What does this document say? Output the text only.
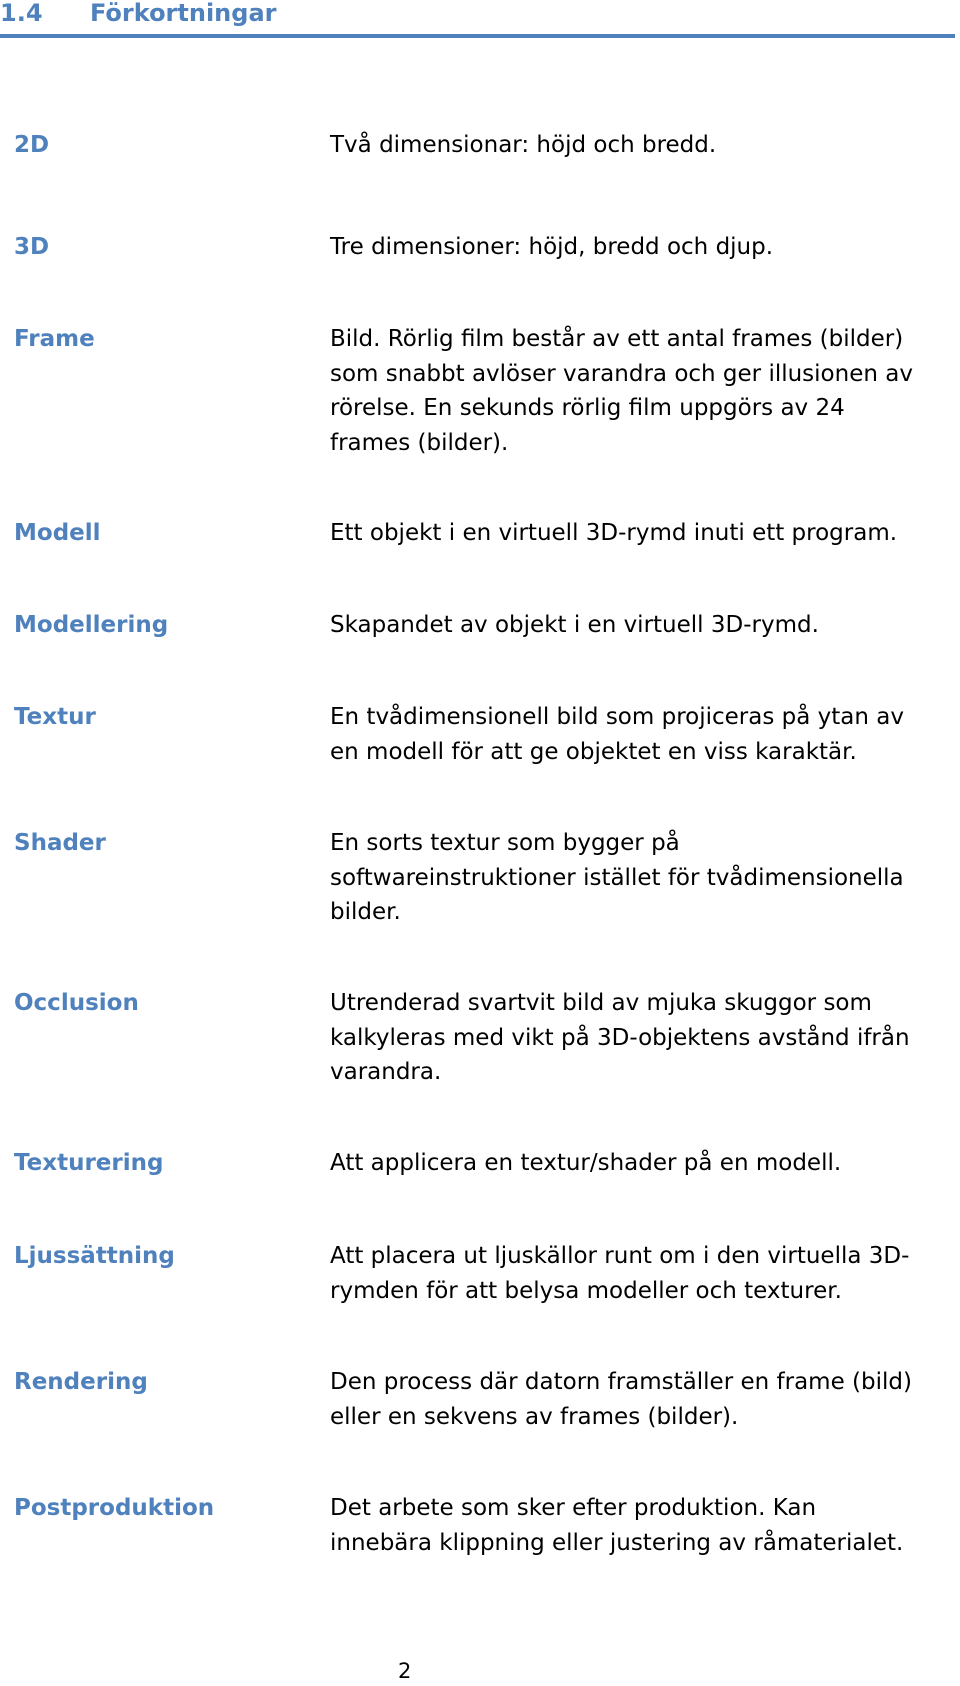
1.4 Förkortningar
2D	Två dimensionar: höjd och bredd.
3D	Tre dimensioner: höjd, bredd och djup.
Frame	Bild. Rörlig film består av ett antal frames (bilder)
som snabbt avlöser varandra och ger illusionen av
rörelse. En sekunds rörlig film uppgörs av 24
frames (bilder).
Modell	Ett objekt i en virtuell 3D-rymd inuti ett program.
Modellering	Skapandet av objekt i en virtuell 3D-rymd.
Textur	En tvådimensionell bild som projiceras på ytan av
en modell för att ge objektet en viss karaktär.
Shader	En sorts textur som bygger på
softwareinstruktioner istället för tvådimensionella
bilder.
Occlusion	Utrenderad svartvit bild av mjuka skuggor som
kalkyleras med vikt på 3D-objektens avstånd ifrån
varandra.
Texturering	Att applicera en textur/shader på en modell.
Ljussättning	Att placera ut ljuskällor runt om i den virtuella 3D-
rymden för att belysa modeller och texturer.
Rendering	Den process där datorn framställer en frame (bild)
eller en sekvens av frames (bilder).
Postproduktion	Det arbete som sker efter produktion. Kan
innebära klippning eller justering av råmaterialet.
2
